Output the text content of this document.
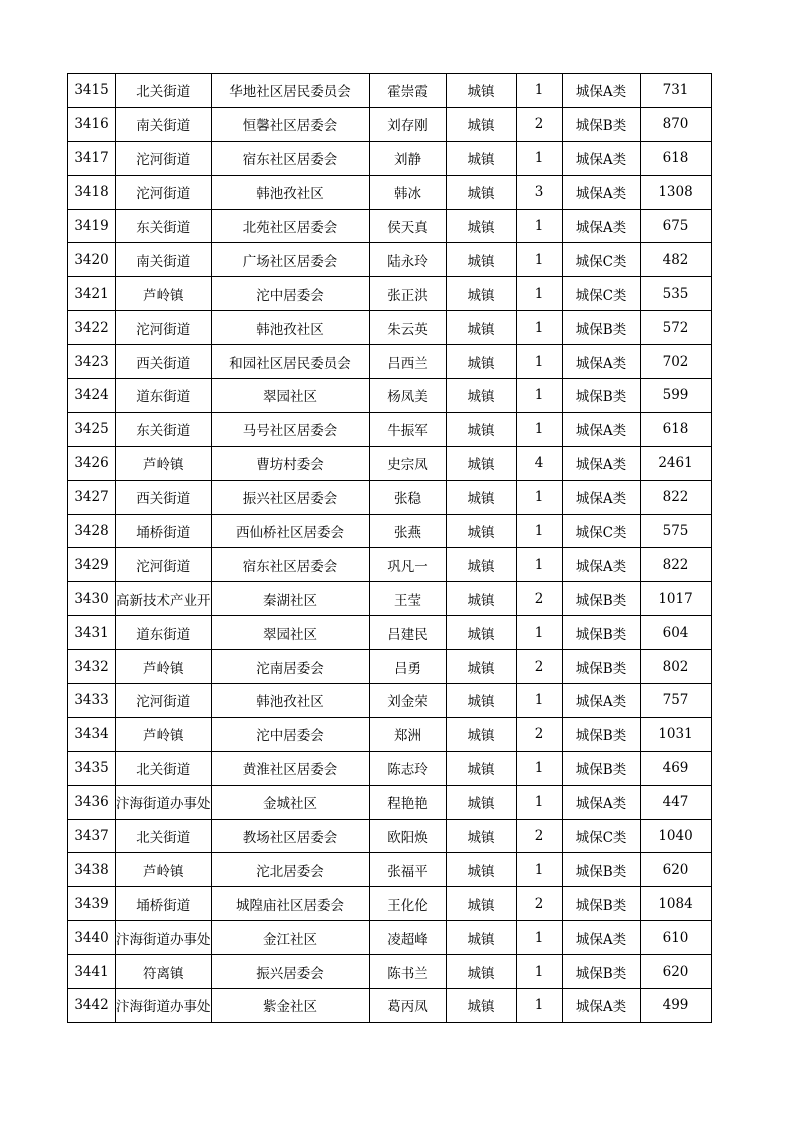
3415	北关街道	华地社区居民委员会	霍崇霞	城镇	1	城保A类	731
3416	南关街道	恒馨社区居委会	刘存刚	城镇	2	城保B类	870
3417	沱河街道	宿东社区居委会	刘静	城镇	1	城保A类	618
3418	沱河街道	韩池孜社区	韩冰	城镇	3	城保A类	1308
3419	东关街道	北苑社区居委会	侯天真	城镇	1	城保A类	675
3420	南关街道	广场社区居委会	陆永玲	城镇	1	城保C类	482
3421	芦岭镇	沱中居委会	张正洪	城镇	1	城保C类	535
3422	沱河街道	韩池孜社区	朱云英	城镇	1	城保B类	572
3423	西关街道	和园社区居民委员会	吕西兰	城镇	1	城保A类	702
3424	道东街道	翠园社区	杨凤美	城镇	1	城保B类	599
3425	东关街道	马号社区居委会	牛振军	城镇	1	城保A类	618
3426	芦岭镇	曹坊村委会	史宗凤	城镇	4	城保A类	2461
3427	西关街道	振兴社区居委会	张稳	城镇	1	城保A类	822
3428	埇桥街道	西仙桥社区居委会	张燕	城镇	1	城保C类	575
3429	沱河街道	宿东社区居委会	巩凡一	城镇	1	城保A类	822
3430	高新技术产业开	秦湖社区	王莹	城镇	2	城保B类	1017
3431	道东街道	翠园社区	吕建民	城镇	1	城保B类	604
3432	芦岭镇	沱南居委会	吕勇	城镇	2	城保B类	802
3433	沱河街道	韩池孜社区	刘金荣	城镇	1	城保A类	757
3434	芦岭镇	沱中居委会	郑洲	城镇	2	城保B类	1031
3435	北关街道	黄淮社区居委会	陈志玲	城镇	1	城保B类	469
3436	汴海街道办事处	金城社区	程艳艳	城镇	1	城保A类	447
3437	北关街道	教场社区居委会	欧阳焕	城镇	2	城保C类	1040
3438	芦岭镇	沱北居委会	张福平	城镇	1	城保B类	620
3439	埇桥街道	城隍庙社区居委会	王化伦	城镇	2	城保B类	1084
3440	汴海街道办事处	金江社区	凌超峰	城镇	1	城保A类	610
3441	符离镇	振兴居委会	陈书兰	城镇	1	城保B类	620
3442	汴海街道办事处	紫金社区	葛丙凤	城镇	1	城保A类	499
